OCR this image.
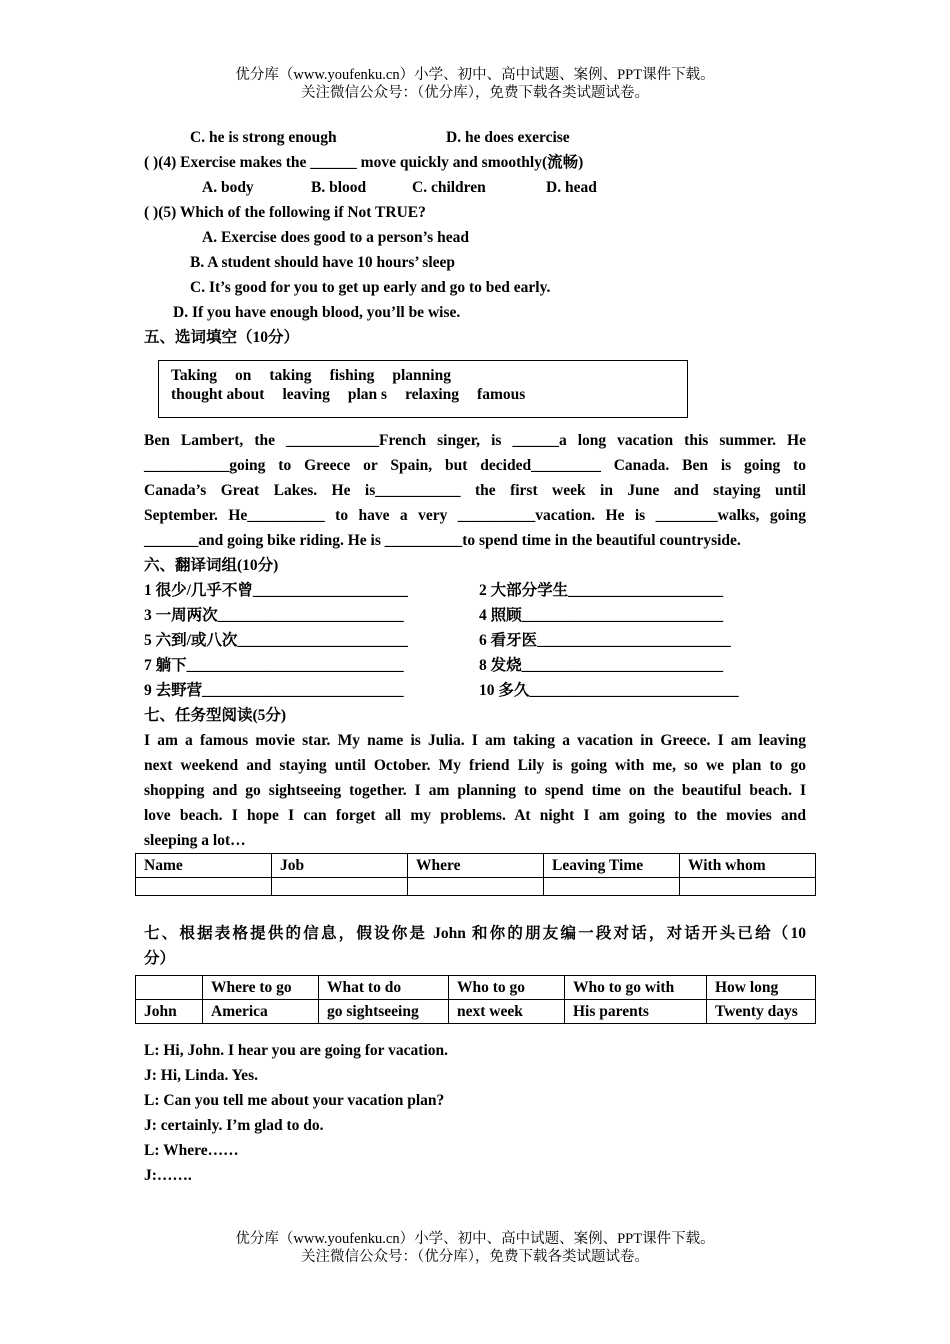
优分库（www.youfenku.cn）小学、初中、高中试题、案例、PPT课件下载。
关注微信公众号：（优分库），免费下载各类试题试卷。
C. he is strong enough	D. he does exercise
( )(4) Exercise makes the ______ move quickly and smoothly(流畅)
A. body	B. blood	C. children	D. head
( )(5) Which of the following if Not TRUE?
A. Exercise does good to a person’s head
B. A student should have 10 hours’ sleep
C. It’s good for you to get up early and go to bed early.
D. If you have enough blood, you’ll be wise.
五、选词填空（10分）
Taking on taking fishing planning
thought about leaving plan s relaxing famous
Ben Lambert, the ____________French singer, is ______a long vacation this summer. He
___________going to Greece or Spain, but decided_________ Canada. Ben is going to
Canada’s Great Lakes. He is___________ the first week in June and staying until
September. He__________ to have a very __________vacation. He is ________walks, going
_______and going bike riding. He is __________to spend time in the beautiful countryside.
六、翻译词组(10分)
1 很少/几乎不曾____________________	2 大部分学生____________________
3 一周两次________________________	4 照顾__________________________
5 六到/或八次______________________	6 看牙医_________________________
7 躺下____________________________	8 发烧__________________________
9 去野营__________________________	10 多久___________________________
七、任务型阅读(5分)
I am a famous movie star. My name is Julia. I am taking a vacation in Greece. I am leaving
next weekend and staying until October. My friend Lily is going with me, so we plan to go
shopping and go sightseeing together. I am planning to spend time on the beautiful beach. I
love beach. I hope I can forget all my problems. At night I am going to the movies and
sleeping a lot…
Name	Job	Where	Leaving Time	With whom

七、根据表格提供的信息，假设你是 John 和你的朋友编一段对话，对话开头已给（10
分）
	Where to go	What to do	Who to go	Who to go with	How long
John	America	go sightseeing	next week	His parents	Twenty days
L: Hi, John. I hear you are going for vacation.
J: Hi, Linda. Yes.
L: Can you tell me about your vacation plan?
J: certainly. I’m glad to do.
L: Where……
J:…….
优分库（www.youfenku.cn）小学、初中、高中试题、案例、PPT课件下载。
关注微信公众号：（优分库），免费下载各类试题试卷。
